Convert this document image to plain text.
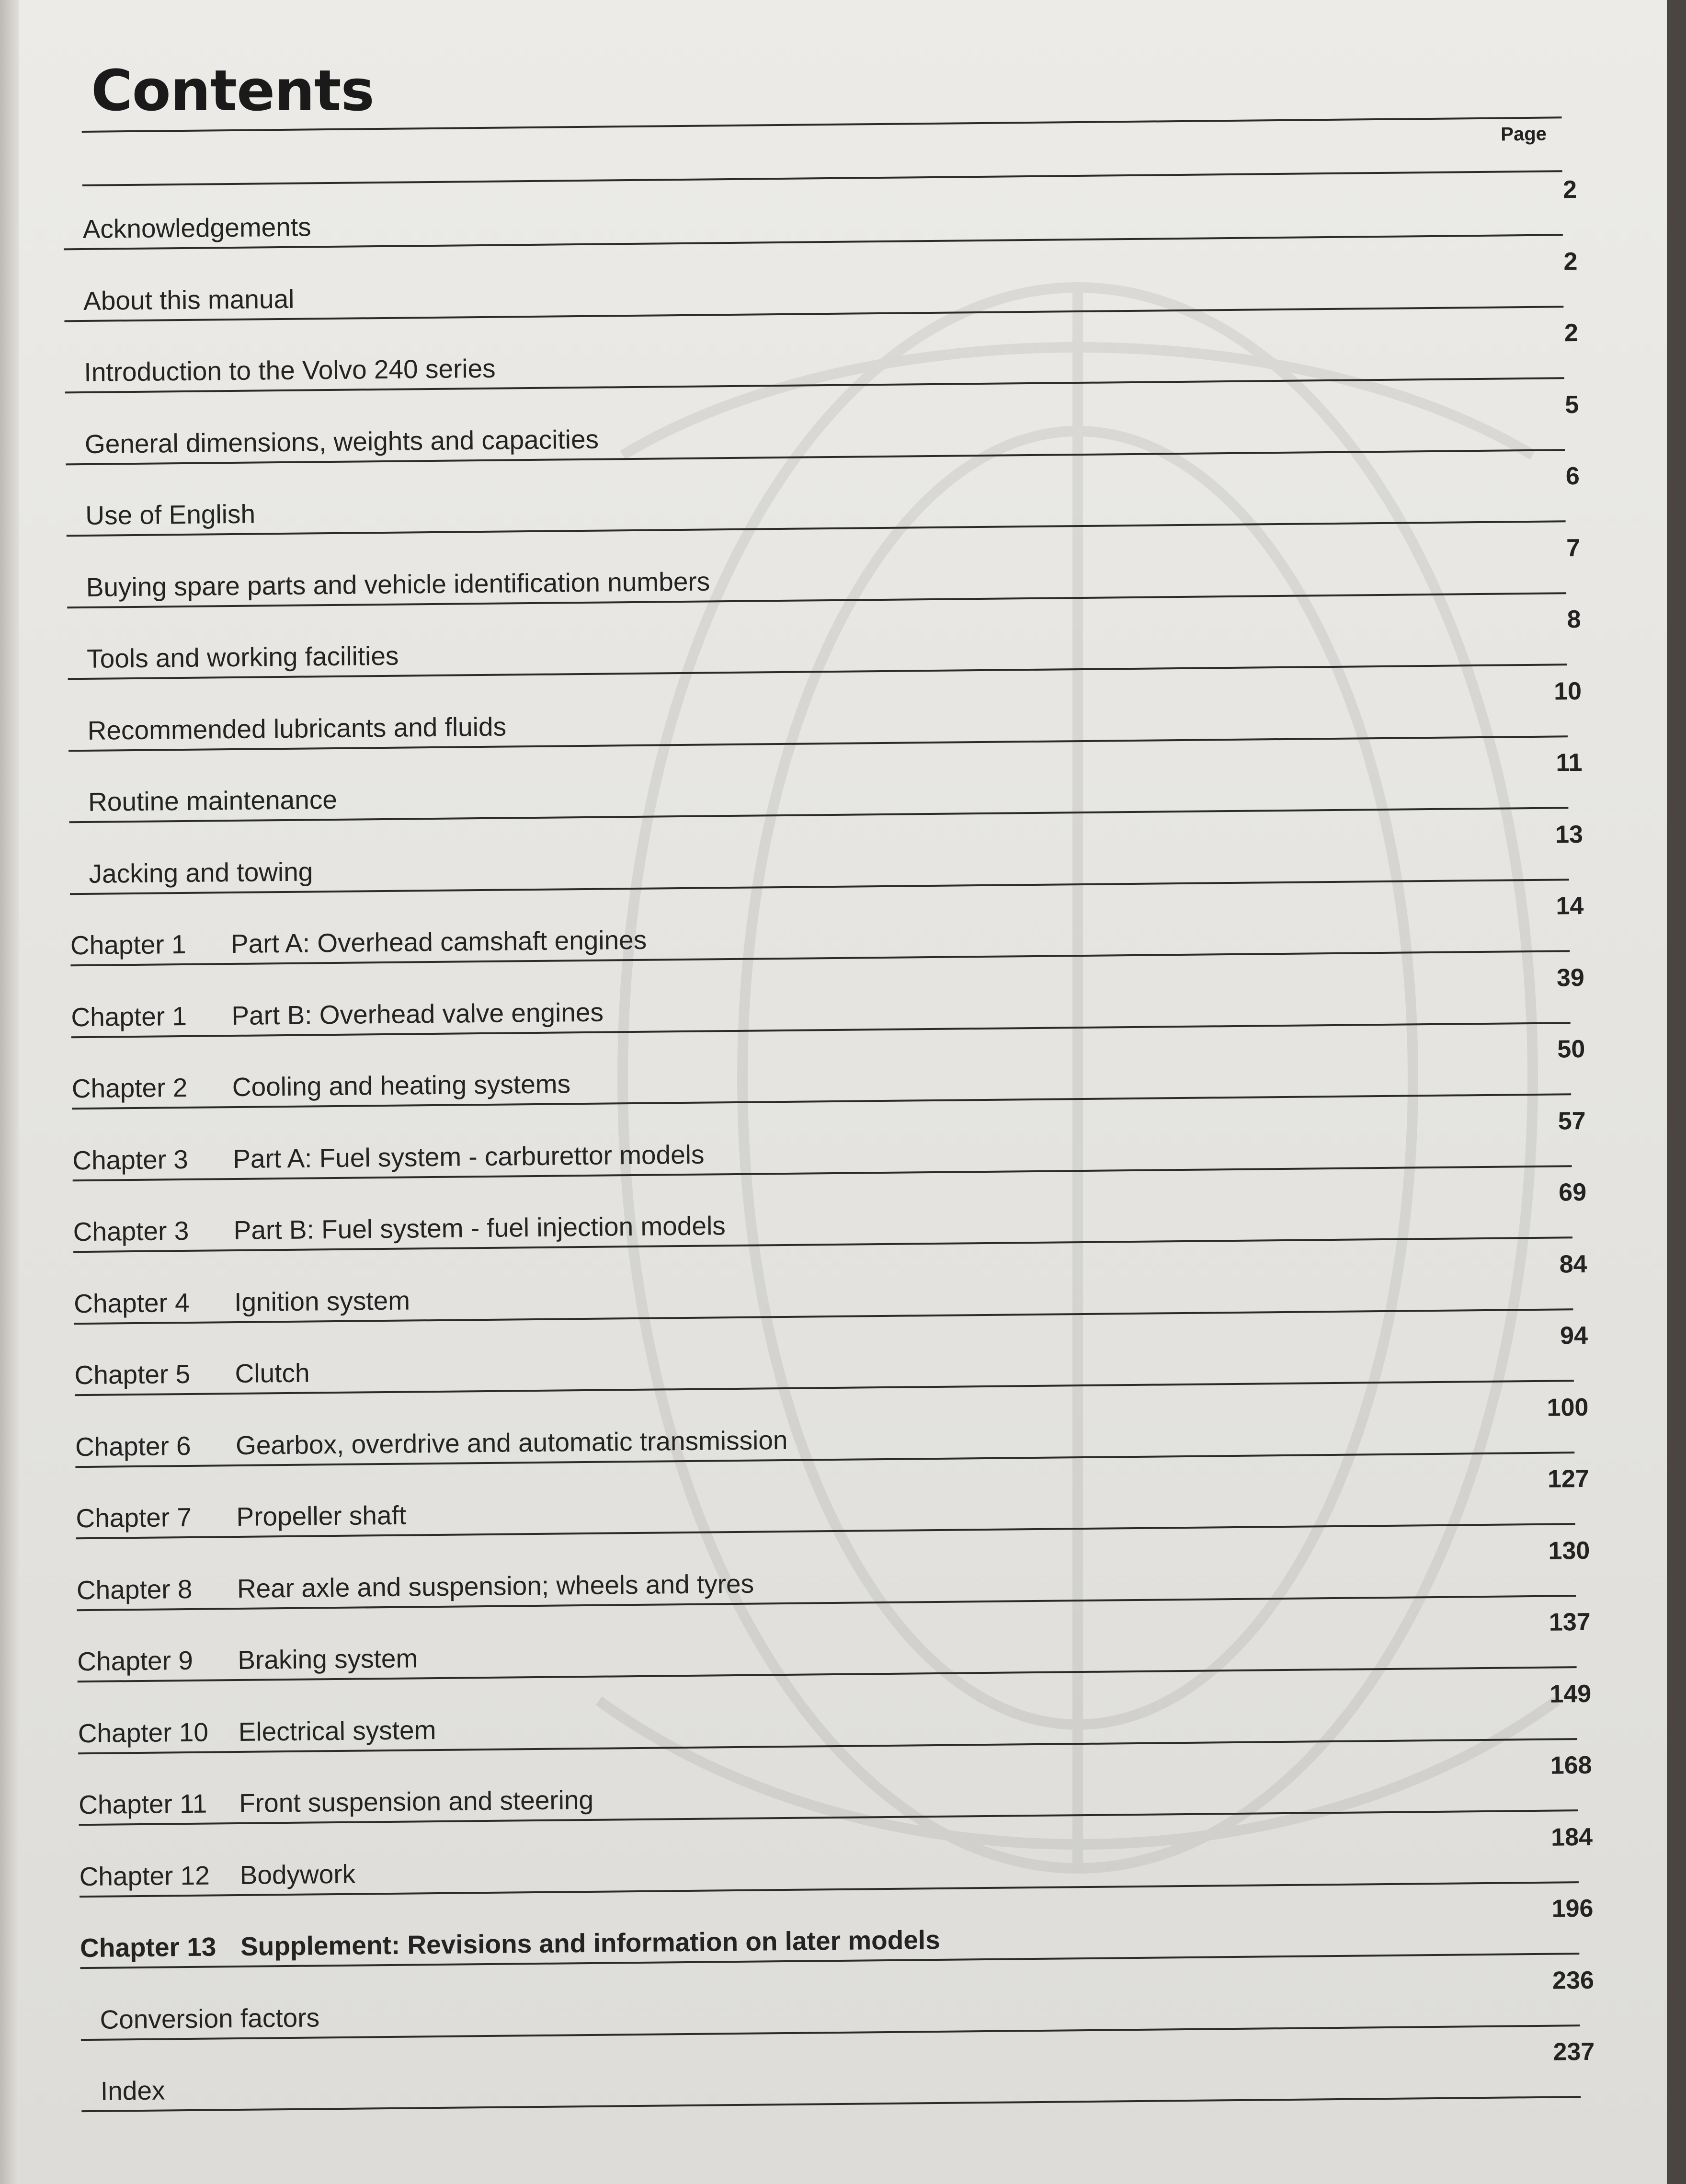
Contents
Page
Acknowledgements
2
About this manual
2
Introduction to the Volvo 240 series
2
General dimensions, weights and capacities
5
Use of English
6
Buying spare parts and vehicle identification numbers
7
Tools and working facilities
8
Recommended lubricants and fluids
10
Routine maintenance
11
Jacking and towing
13
Chapter 1 Part A: Overhead camshaft engines
14
Chapter 1 Part B: Overhead valve engines
39
Chapter 2 Cooling and heating systems
50
Chapter 3 Part A: Fuel system - carburettor models
57
Chapter 3 Part B: Fuel system - fuel injection models
69
Chapter 4 Ignition system
84
Chapter 5 Clutch
94
Chapter 6 Gearbox, overdrive and automatic transmission
100
Chapter 7 Propeller shaft
127
Chapter 8 Rear axle and suspension; wheels and tyres
130
Chapter 9 Braking system
137
Chapter 10 Electrical system
149
Chapter 11 Front suspension and steering
168
Chapter 12 Bodywork
184
Chapter 13 Supplement: Revisions and information on later models
196
Conversion factors
236
Index
237
